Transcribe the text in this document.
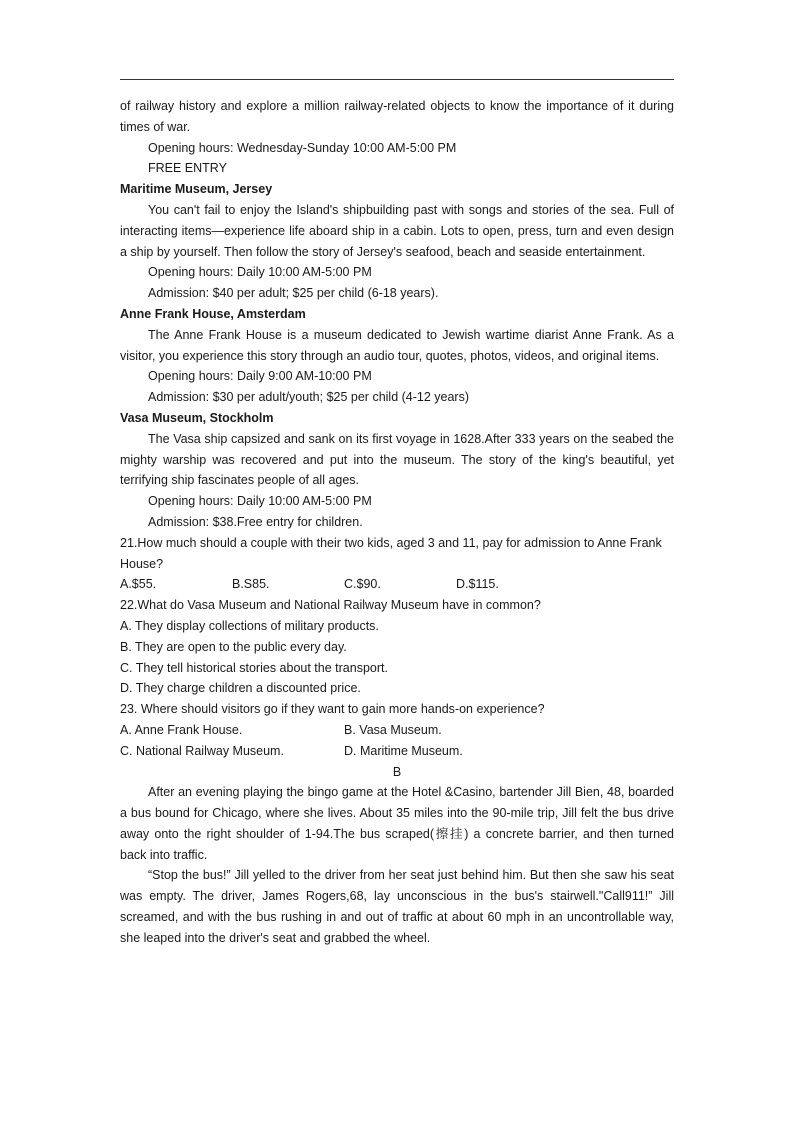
of railway history and explore a million railway-related objects to know the importance of it during times of war.

Opening hours: Wednesday-Sunday 10:00 AM-5:00 PM

FREE ENTRY

Maritime Museum, Jersey

You can't fail to enjoy the Island's shipbuilding past with songs and stories of the sea. Full of interacting items—experience life aboard ship in a cabin. Lots to open, press, turn and even design a ship by yourself. Then follow the story of Jersey's seafood, beach and seaside entertainment.

Opening hours: Daily 10:00 AM-5:00 PM

Admission: $40 per adult; $25 per child (6-18 years).

Anne Frank House, Amsterdam

The Anne Frank House is a museum dedicated to Jewish wartime diarist Anne Frank. As a visitor, you experience this story through an audio tour, quotes, photos, videos, and original items.

Opening hours: Daily 9:00 AM-10:00 PM

Admission: $30 per adult/youth; $25 per child (4-12 years)

Vasa Museum, Stockholm

The Vasa ship capsized and sank on its first voyage in 1628.After 333 years on the seabed the mighty warship was recovered and put into the museum. The story of the king's beautiful, yet terrifying ship fascinates people of all ages.

Opening hours: Daily 10:00 AM-5:00 PM

Admission: $38.Free entry for children.

21.How much should a couple with their two kids, aged 3 and 11, pay for admission to Anne Frank House?

A.$55.	B.S85.	C.$90.	D.$115.

22.What do Vasa Museum and National Railway Museum have in common?

A. They display collections of military products.

B. They are open to the public every day.

C. They tell historical stories about the transport.

D. They charge children a discounted price.

23. Where should visitors go if they want to gain more hands-on experience?

A. Anne Frank House.	B. Vasa Museum.

C. National Railway Museum.	D. Maritime Museum.

B

After an evening playing the bingo game at the Hotel &Casino, bartender Jill Bien, 48, boarded a bus bound for Chicago, where she lives. About 35 miles into the 90-mile trip, Jill felt the bus drive away onto the right shoulder of 1-94.The bus scraped(擦挂) a concrete barrier, and then turned back into traffic.

“Stop the bus!” Jill yelled to the driver from her seat just behind him. But then she saw his seat was empty. The driver, James Rogers,68, lay unconscious in the bus's stairwell."Call911!” Jill screamed, and with the bus rushing in and out of traffic at about 60 mph in an uncontrollable way, she leaped into the driver's seat and grabbed the wheel.
